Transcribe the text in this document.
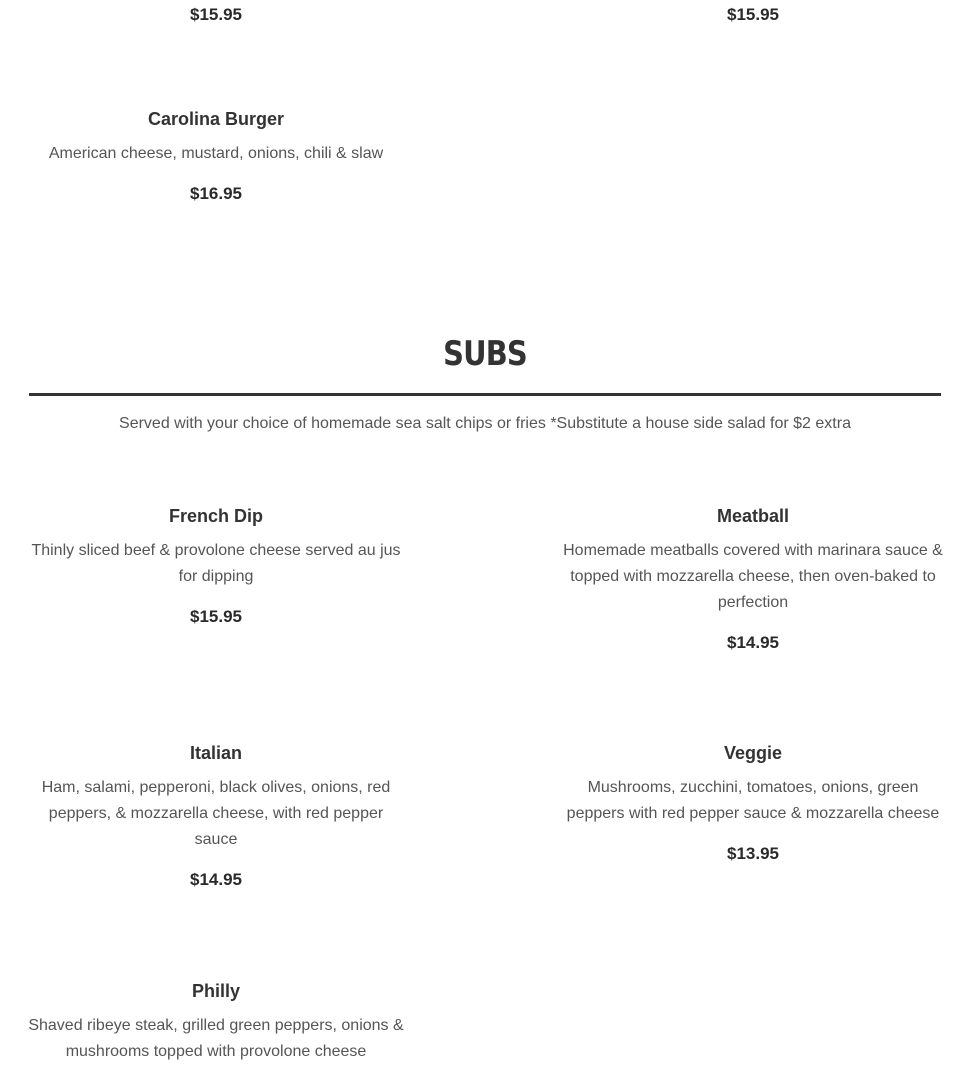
$15.95	$15.95

Carolina Burger

American cheese, mustard, onions, chili & slaw

$16.95

SUBS
Served with your choice of homemade sea salt chips or fries *Substitute a house side salad for $2 extra

French Dip

Thinly sliced beef & provolone cheese served au jus for dipping

$15.95

Meatball

Homemade meatballs covered with marinara sauce & topped with mozzarella cheese, then oven-baked to perfection

$14.95

Italian

Ham, salami, pepperoni, black olives, onions, red peppers, & mozzarella cheese, with red pepper sauce

$14.95

Veggie

Mushrooms, zucchini, tomatoes, onions, green peppers with red pepper sauce & mozzarella cheese

$13.95

Philly

Shaved ribeye steak, grilled green peppers, onions & mushrooms topped with provolone cheese
